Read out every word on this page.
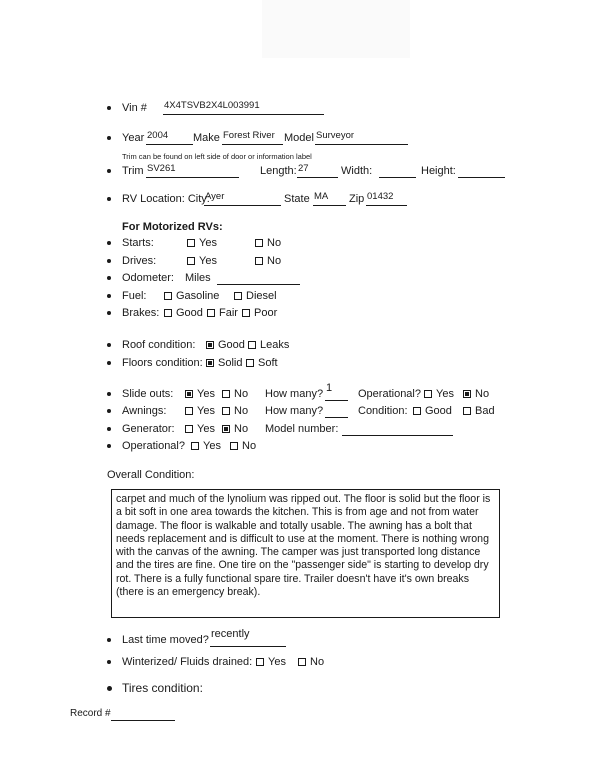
Vin # 4X4TSVB2X4L003991
Year 2004	Make Forest River Model Surveyor
Trim can be found on left side of door or information label
Trim SV261	Length: 27	Width:	Height:
RV Location: City:
Ayer	State MA	Zip 01432
For Motorized RVs:
Starts:	Yes	No
Drives:	Yes	No
Odometer: Miles
Fuel:	Gasoline Diesel
Brakes: Good Fair Poor
Roof condition: Good Leaks
Floors condition: Solid Soft
Slide outs: Yes No How many? 1	Operational? Yes No
Awnings:	Yes No How many?	Condition: Good Bad
Generator: Yes No Model number:
Operational? Yes No
Overall Condition:
carpet and much of the lynolium was ripped out. The floor is solid but the floor is a bit soft in one area towards the kitchen. This is from age and not from water damage. The floor is walkable and totally usable. The awning has a bolt that needs replacement and is difficult to use at the moment. There is nothing wrong with the canvas of the awning. The camper was just transported long distance and the tires are fine. One tire on the "passenger side" is starting to develop dry rot. There is a fully functional spare tire. Trailer doesn't have it's own breaks (there is an emergency break).
Last time moved? recently
Winterized/ Fluids drained: Yes No
Tires condition:
Record #
